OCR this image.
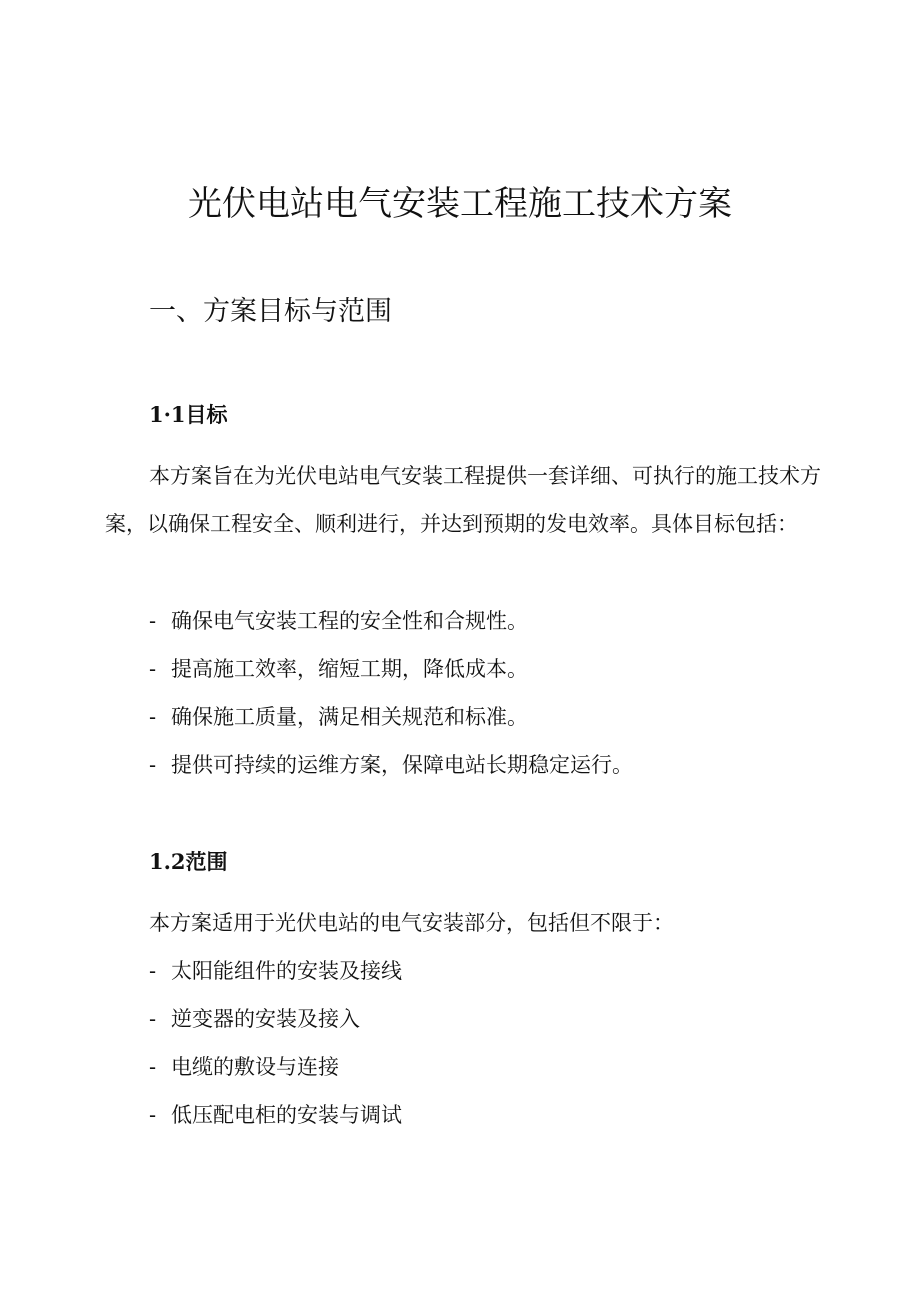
光伏电站电气安装工程施工技术方案
一、方案目标与范围
1·1目标

本方案旨在为光伏电站电气安装工程提供一套详细、可执行的施工技术方案，以确保工程安全、顺利进行，并达到预期的发电效率。具体目标包括：

- 确保电气安装工程的安全性和合规性。
- 提高施工效率，缩短工期，降低成本。
- 确保施工质量，满足相关规范和标准。
- 提供可持续的运维方案，保障电站长期稳定运行。
1.2范围

本方案适用于光伏电站的电气安装部分，包括但不限于：

- 太阳能组件的安装及接线
- 逆变器的安装及接入
- 电缆的敷设与连接
- 低压配电柜的安装与调试
